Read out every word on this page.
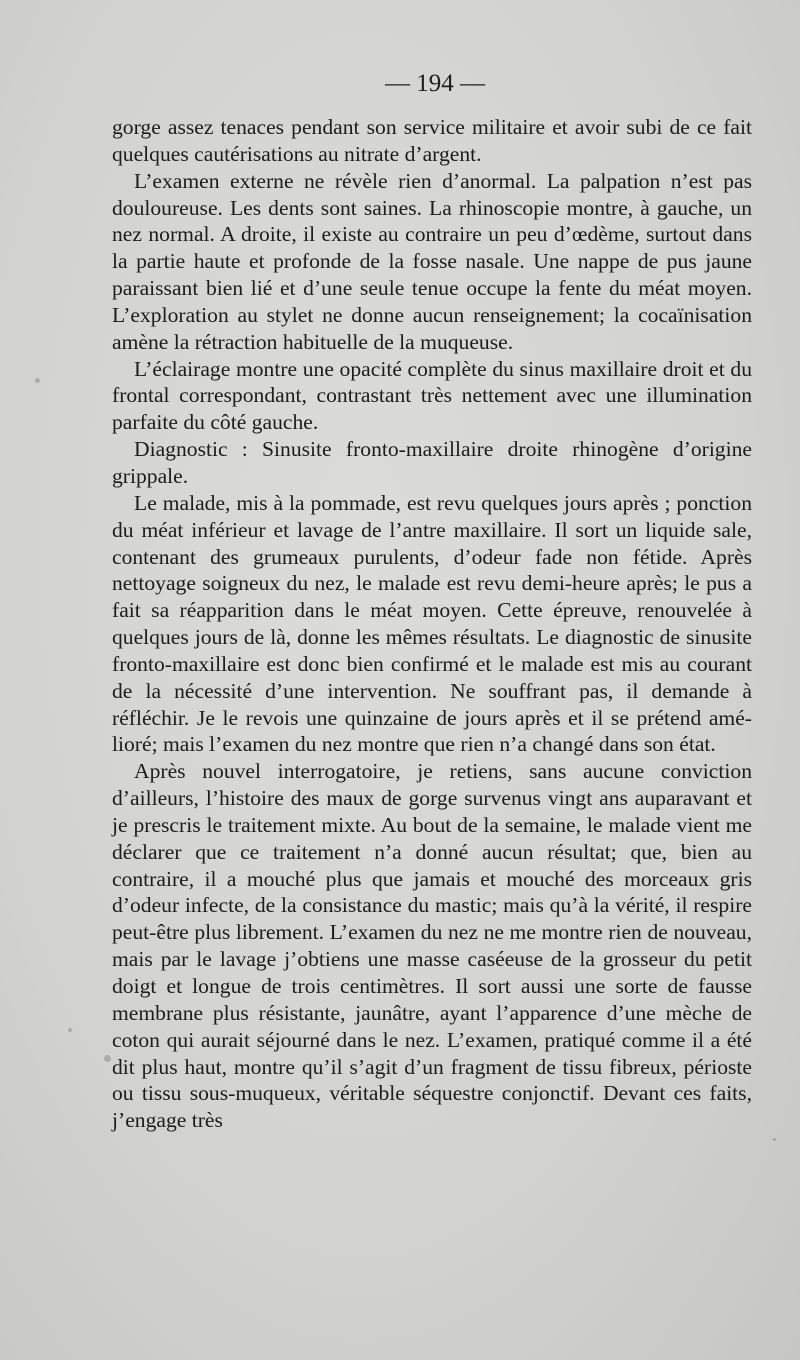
— 194 —

gorge assez tenaces pendant son service militaire et avoir subi de ce fait quelques cautérisations au nitrate d’argent.

L’examen externe ne révèle rien d’anormal. La palpation n’est pas douloureuse. Les dents sont saines. La rhinoscopie montre, à gauche, un nez normal. A droite, il existe au contraire un peu d’œdème, surtout dans la partie haute et profonde de la fosse nasale. Une nappe de pus jaune paraissant bien lié et d’une seule tenue occupe la fente du méat moyen. L’exploration au stylet ne donne aucun renseignement; la cocaïnisation amène la rétraction habituelle de la muqueuse.

L’éclairage montre une opacité complète du sinus maxillaire droit et du frontal correspondant, contrastant très nettement avec une illumination parfaite du côté gauche.

Diagnostic : Sinusite fronto-maxillaire droite rhinogène d’origine grippale.

Le malade, mis à la pommade, est revu quelques jours après ; ponction du méat inférieur et lavage de l’antre maxillaire. Il sort un liquide sale, contenant des grumeaux purulents, d’odeur fade non fétide. Après nettoyage soigneux du nez, le malade est revu demi-heure après; le pus a fait sa réapparition dans le méat moyen. Cette épreuve, renouvelée à quelques jours de là, donne les mêmes résultats. Le diagnostic de sinusite fronto-maxillaire est donc bien confirmé et le malade est mis au courant de la nécessité d’une intervention. Ne souffrant pas, il demande à réfléchir. Je le revois une quinzaine de jours après et il se prétend amélioré; mais l’examen du nez montre que rien n’a changé dans son état.

Après nouvel interrogatoire, je retiens, sans aucune conviction d’ailleurs, l’histoire des maux de gorge survenus vingt ans auparavant et je prescris le traitement mixte. Au bout de la semaine, le malade vient me déclarer que ce traitement n’a donné aucun résultat; que, bien au contraire, il a mouché plus que jamais et mouché des morceaux gris d’odeur infecte, de la consistance du mastic; mais qu’à la vérité, il respire peut-être plus librement. L’examen du nez ne me montre rien de nouveau, mais par le lavage j’obtiens une masse caséeuse de la grosseur du petit doigt et longue de trois centimètres. Il sort aussi une sorte de fausse membrane plus résistante, jaunâtre, ayant l’apparence d’une mèche de coton qui aurait séjourné dans le nez. L’examen, pratiqué comme il a été dit plus haut, montre qu’il s’agit d’un fragment de tissu fibreux, périoste ou tissu sous-muqueux, véritable séquestre conjonctif. Devant ces faits, j’engage très
